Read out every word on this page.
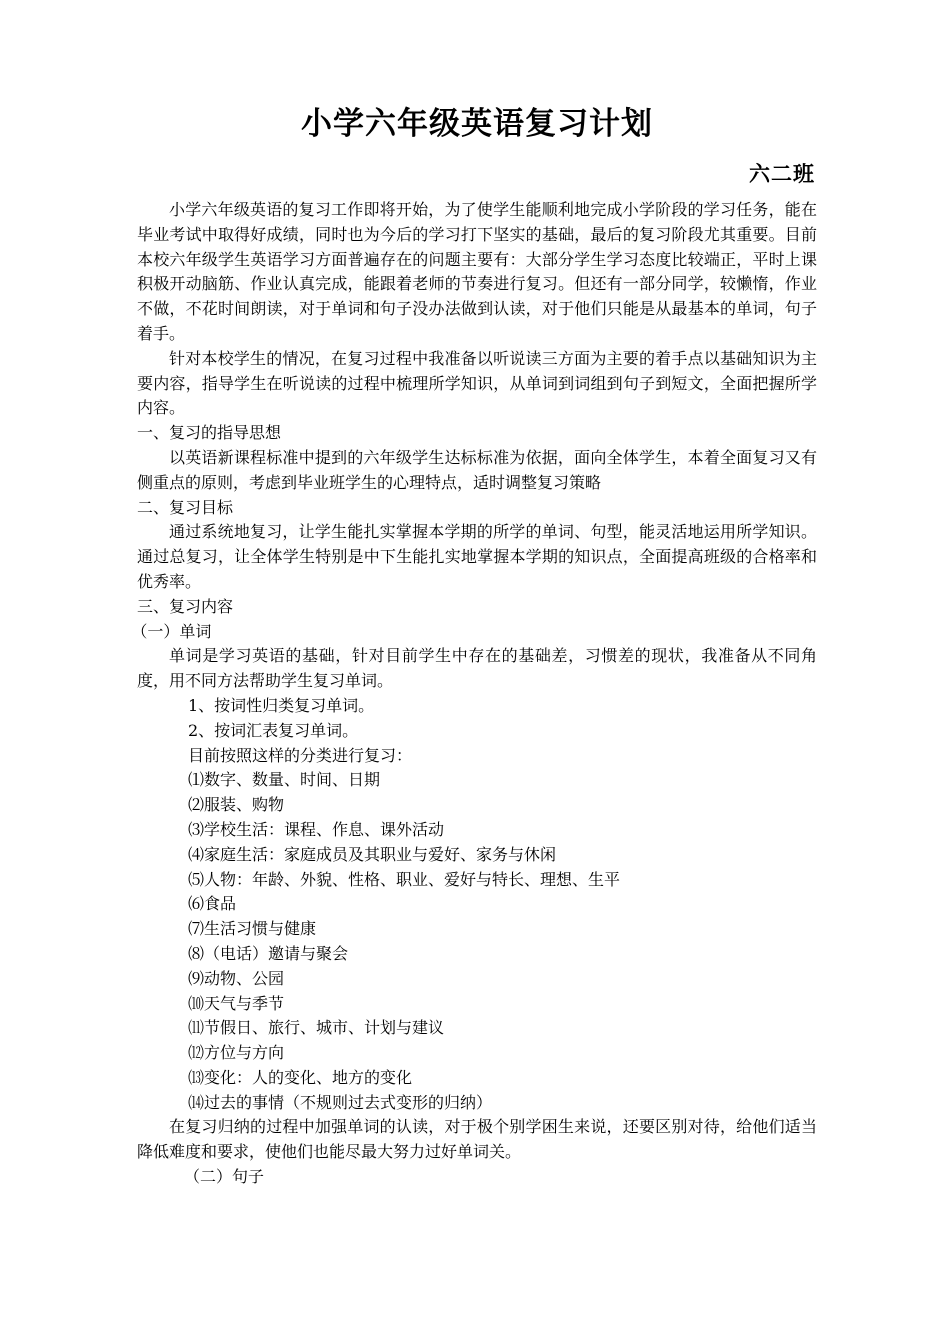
小学六年级英语复习计划
六二班

小学六年级英语的复习工作即将开始，为了使学生能顺利地完成小学阶段的学习任务，能在毕业考试中取得好成绩，同时也为今后的学习打下坚实的基础，最后的复习阶段尤其重要。目前本校六年级学生英语学习方面普遍存在的问题主要有：大部分学生学习态度比较端正，平时上课积极开动脑筋、作业认真完成，能跟着老师的节奏进行复习。但还有一部分同学，较懒惰，作业不做，不花时间朗读，对于单词和句子没办法做到认读，对于他们只能是从最基本的单词，句子着手。

针对本校学生的情况，在复习过程中我准备以听说读三方面为主要的着手点以基础知识为主要内容，指导学生在听说读的过程中梳理所学知识，从单词到词组到句子到短文，全面把握所学内容。

一、复习的指导思想

以英语新课程标准中提到的六年级学生达标标准为依据，面向全体学生，本着全面复习又有侧重点的原则，考虑到毕业班学生的心理特点，适时调整复习策略

二、复习目标

通过系统地复习，让学生能扎实掌握本学期的所学的单词、句型，能灵活地运用所学知识。通过总复习，让全体学生特别是中下生能扎实地掌握本学期的知识点，全面提高班级的合格率和优秀率。

三、复习内容

（一）单词

单词是学习英语的基础，针对目前学生中存在的基础差，习惯差的现状，我准备从不同角度，用不同方法帮助学生复习单词。

1、按词性归类复习单词。

2、按词汇表复习单词。

目前按照这样的分类进行复习：

⑴数字、数量、时间、日期

⑵服装、购物

⑶学校生活：课程、作息、课外活动

⑷家庭生活：家庭成员及其职业与爱好、家务与休闲

⑸人物：年龄、外貌、性格、职业、爱好与特长、理想、生平

⑹食品

⑺生活习惯与健康

⑻（电话）邀请与聚会

⑼动物、公园

⑽天气与季节

⑾节假日、旅行、城市、计划与建议

⑿方位与方向

⒀变化：人的变化、地方的变化

⒁过去的事情（不规则过去式变形的归纳）

在复习归纳的过程中加强单词的认读，对于极个别学困生来说，还要区别对待，给他们适当降低难度和要求，使他们也能尽最大努力过好单词关。

（二）句子
